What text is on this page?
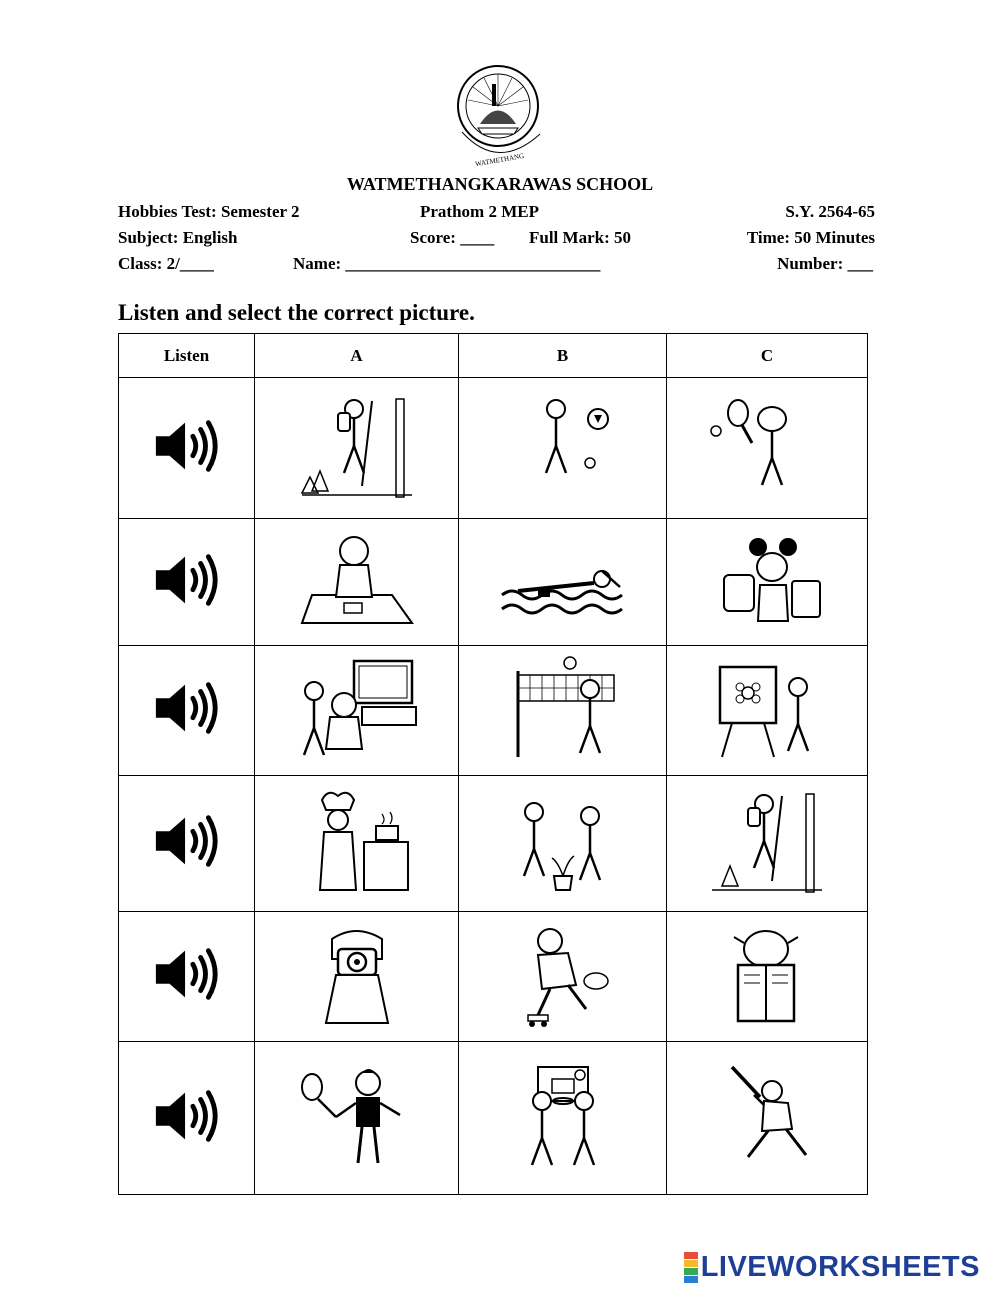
WATMETHANG
WATMETHANGKARAWAS SCHOOL
Hobbies Test: Semester 2	Prathom 2 MEP	S.Y. 2564-65
Subject: English	Score: ____ Full Mark: 50	Time: 50 Minutes
Class: 2/____	Name: ______________________________	Number: ___
Listen and select the correct picture.
Listen	A	B	C

LIVEWORKSHEETS
